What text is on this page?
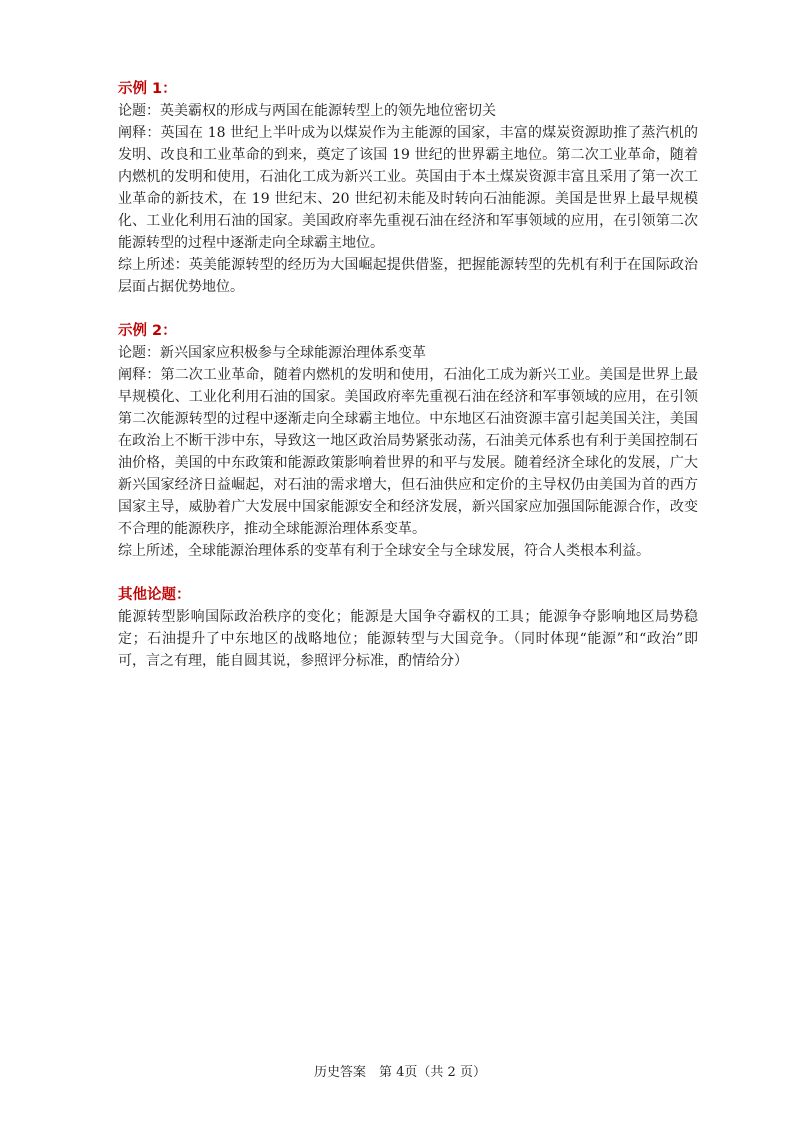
示例 1：

论题：英美霸权的形成与两国在能源转型上的领先地位密切关

阐释：英国在 18 世纪上半叶成为以煤炭作为主能源的国家，丰富的煤炭资源助推了蒸汽机的发明、改良和工业革命的到来，奠定了该国 19 世纪的世界霸主地位。第二次工业革命，随着内燃机的发明和使用，石油化工成为新兴工业。英国由于本土煤炭资源丰富且采用了第一次工业革命的新技术，在 19 世纪末、20 世纪初未能及时转向石油能源。美国是世界上最早规模化、工业化利用石油的国家。美国政府率先重视石油在经济和军事领域的应用，在引领第二次能源转型的过程中逐渐走向全球霸主地位。

综上所述：英美能源转型的经历为大国崛起提供借鉴，把握能源转型的先机有利于在国际政治层面占据优势地位。

示例 2：

论题：新兴国家应积极参与全球能源治理体系变革

阐释：第二次工业革命，随着内燃机的发明和使用，石油化工成为新兴工业。美国是世界上最早规模化、工业化利用石油的国家。美国政府率先重视石油在经济和军事领域的应用，在引领第二次能源转型的过程中逐渐走向全球霸主地位。中东地区石油资源丰富引起美国关注，美国在政治上不断干涉中东，导致这一地区政治局势紧张动荡，石油美元体系也有利于美国控制石油价格，美国的中东政策和能源政策影响着世界的和平与发展。随着经济全球化的发展，广大新兴国家经济日益崛起，对石油的需求增大，但石油供应和定价的主导权仍由美国为首的西方国家主导，威胁着广大发展中国家能源安全和经济发展，新兴国家应加强国际能源合作，改变不合理的能源秩序，推动全球能源治理体系变革。

综上所述，全球能源治理体系的变革有利于全球安全与全球发展，符合人类根本利益。

其他论题：

能源转型影响国际政治秩序的变化；能源是大国争夺霸权的工具；能源争夺影响地区局势稳定；石油提升了中东地区的战略地位；能源转型与大国竞争。（同时体现“能源”和“政治”即可，言之有理，能自圆其说，参照评分标准，酌情给分）

历史答案　第 4页（共 2 页）
